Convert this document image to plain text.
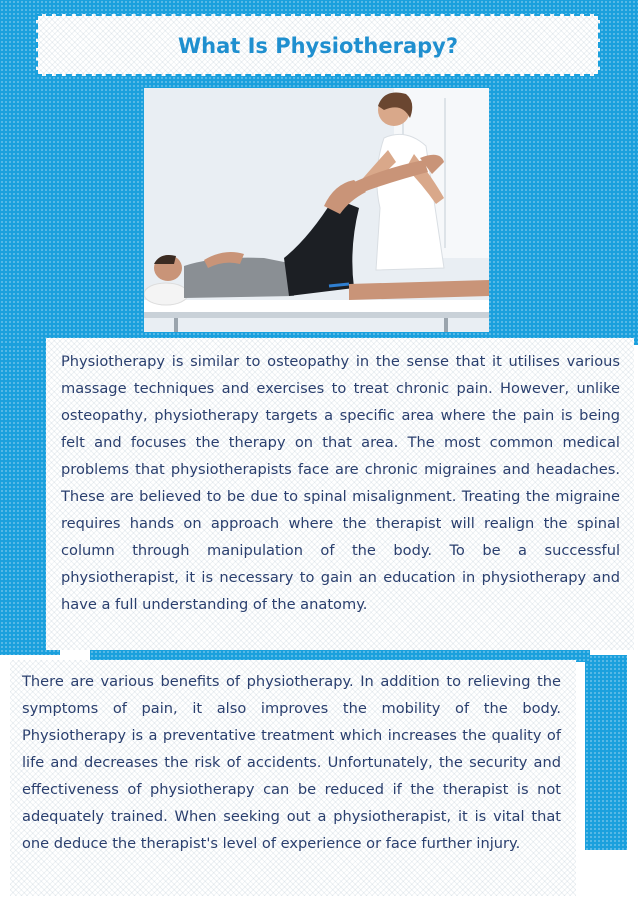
What Is Physiotherapy?

Physiotherapy is similar to osteopathy in the sense that it utilises various massage techniques and exercises to treat chronic pain. However, unlike osteopathy, physiotherapy targets a specific area where the pain is being felt and focuses the therapy on that area. The most common medical problems that physiotherapists face are chronic migraines and headaches. These are believed to be due to spinal misalignment. Treating the migraine requires hands on approach where the therapist will realign the spinal column through manipulation of the body. To be a successful physiotherapist, it is necessary to gain an education in physiotherapy and have a full understanding of the anatomy.

There are various benefits of physiotherapy. In addition to relieving the symptoms of pain, it also improves the mobility of the body. Physiotherapy is a preventative treatment which increases the quality of life and decreases the risk of accidents. Unfortunately, the security and effectiveness of physiotherapy can be reduced if the therapist is not adequately trained. When seeking out a physiotherapist, it is vital that one deduce the therapist's level of experience or face further injury.
